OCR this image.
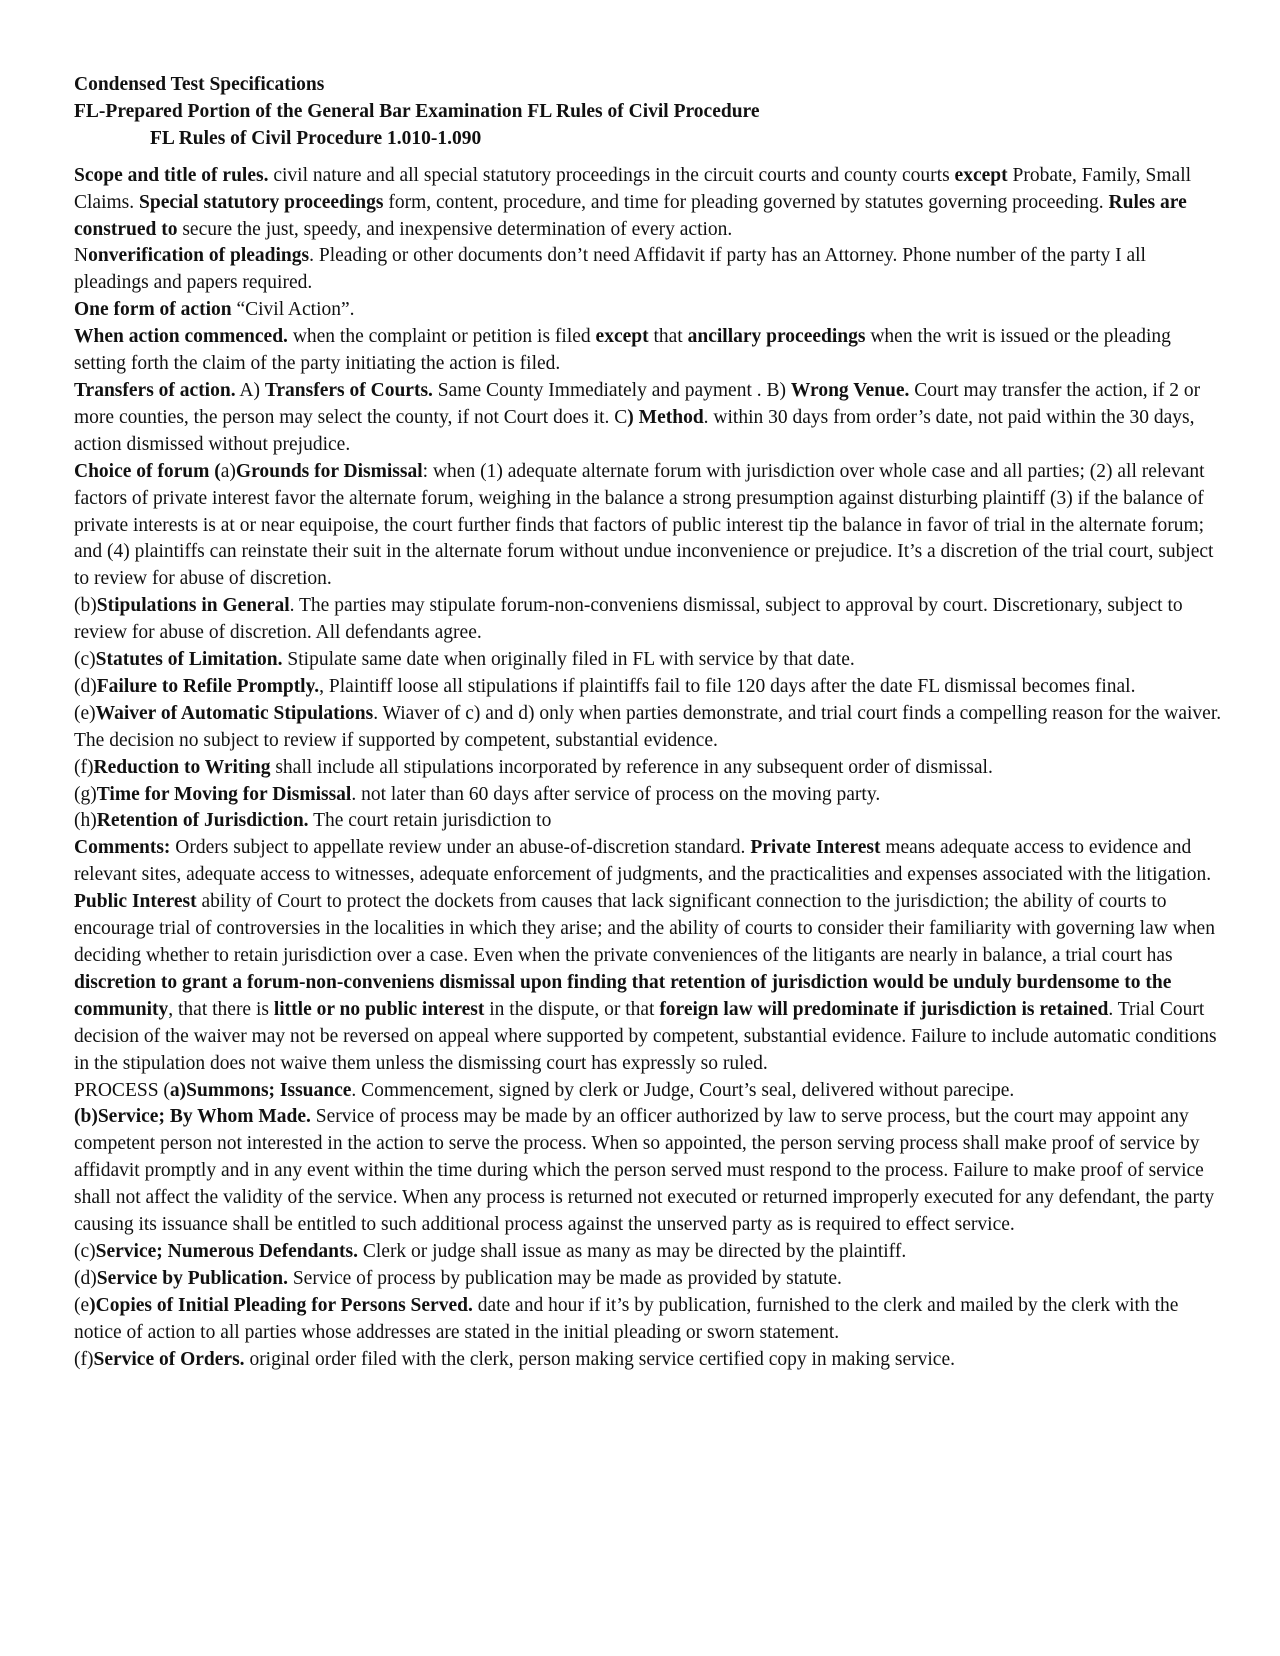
Condensed Test Specifications

FL-Prepared Portion of the General Bar Examination FL Rules of Civil Procedure

FL Rules of Civil Procedure 1.010-1.090

Scope and title of rules. civil nature and all special statutory proceedings in the circuit courts and county courts except Probate, Family, Small Claims. Special statutory proceedings form, content, procedure, and time for pleading governed by statutes governing proceeding. Rules are construed to secure the just, speedy, and inexpensive determination of every action.

Nonverification of pleadings. Pleading or other documents don’t need Affidavit if party has an Attorney. Phone number of the party I all pleadings and papers required.

One form of action “Civil Action”.

When action commenced. when the complaint or petition is filed except that ancillary proceedings when the writ is issued or the pleading setting forth the claim of the party initiating the action is filed.

Transfers of action. A) Transfers of Courts. Same County Immediately and payment . B) Wrong Venue. Court may transfer the action, if 2 or more counties, the person may select the county, if not Court does it. C) Method. within 30 days from order’s date, not paid within the 30 days, action dismissed without prejudice.

Choice of forum (a)Grounds for Dismissal: when (1) adequate alternate forum with jurisdiction over whole case and all parties; (2) all relevant factors of private interest favor the alternate forum, weighing in the balance a strong presumption against disturbing plaintiff (3) if the balance of private interests is at or near equipoise, the court further finds that factors of public interest tip the balance in favor of trial in the alternate forum; and (4) plaintiffs can reinstate their suit in the alternate forum without undue inconvenience or prejudice. It’s a discretion of the trial court, subject to review for abuse of discretion.

(b)Stipulations in General. The parties may stipulate forum-non-conveniens dismissal, subject to approval by court. Discretionary, subject to review for abuse of discretion. All defendants agree.

(c)Statutes of Limitation. Stipulate same date when originally filed in FL with service by that date.

(d)Failure to Refile Promptly., Plaintiff loose all stipulations if plaintiffs fail to file 120 days after the date FL dismissal becomes final.

(e)Waiver of Automatic Stipulations. Wiaver of c) and d) only when parties demonstrate, and trial court finds a compelling reason for the waiver. The decision no subject to review if supported by competent, substantial evidence.

(f)Reduction to Writing shall include all stipulations incorporated by reference in any subsequent order of dismissal.

(g)Time for Moving for Dismissal. not later than 60 days after service of process on the moving party.

(h)Retention of Jurisdiction. The court retain jurisdiction to

Comments: Orders subject to appellate review under an abuse-of-discretion standard. Private Interest means adequate access to evidence and relevant sites, adequate access to witnesses, adequate enforcement of judgments, and the practicalities and expenses associated with the litigation. Public Interest ability of Court to protect the dockets from causes that lack significant connection to the jurisdiction; the ability of courts to encourage trial of controversies in the localities in which they arise; and the ability of courts to consider their familiarity with governing law when deciding whether to retain jurisdiction over a case. Even when the private conveniences of the litigants are nearly in balance, a trial court has discretion to grant a forum-non-conveniens dismissal upon finding that retention of jurisdiction would be unduly burdensome to the community, that there is little or no public interest in the dispute, or that foreign law will predominate if jurisdiction is retained. Trial Court decision of the waiver may not be reversed on appeal where supported by competent, substantial evidence. Failure to include automatic conditions in the stipulation does not waive them unless the dismissing court has expressly so ruled.

PROCESS (a)Summons; Issuance. Commencement, signed by clerk or Judge, Court’s seal, delivered without parecipe.

(b)Service; By Whom Made. Service of process may be made by an officer authorized by law to serve process, but the court may appoint any competent person not interested in the action to serve the process. When so appointed, the person serving process shall make proof of service by affidavit promptly and in any event within the time during which the person served must respond to the process. Failure to make proof of service shall not affect the validity of the service. When any process is returned not executed or returned improperly executed for any defendant, the party causing its issuance shall be entitled to such additional process against the unserved party as is required to effect service.

(c)Service; Numerous Defendants. Clerk or judge shall issue as many as may be directed by the plaintiff.

(d)Service by Publication. Service of process by publication may be made as provided by statute.

(e)Copies of Initial Pleading for Persons Served. date and hour if it’s by publication, furnished to the clerk and mailed by the clerk with the notice of action to all parties whose addresses are stated in the initial pleading or sworn statement.

(f)Service of Orders. original order filed with the clerk, person making service certified copy in making service.
